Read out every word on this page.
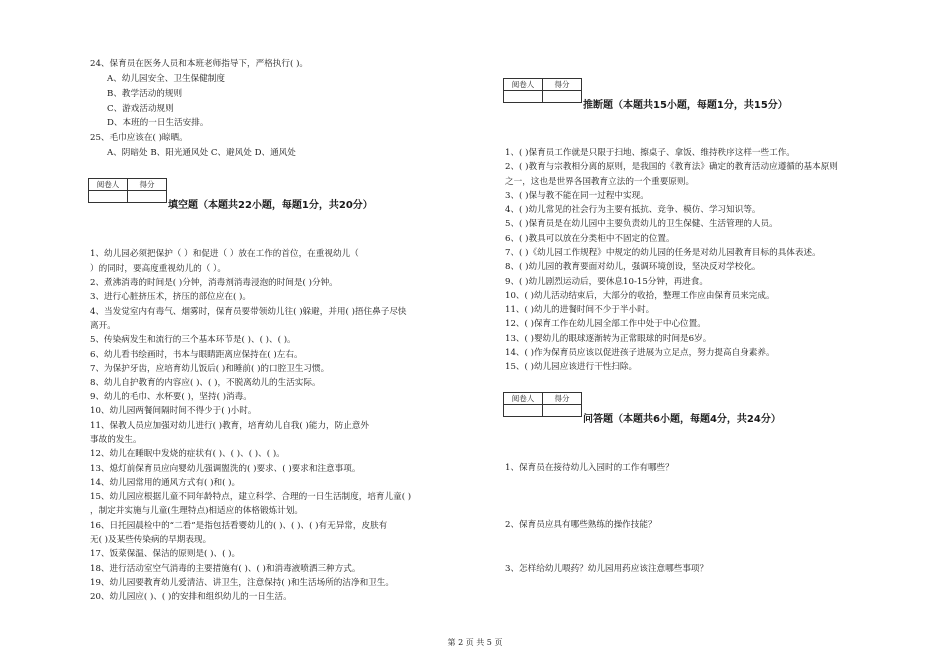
24、保育员在医务人员和本班老师指导下，严格执行( )。
A、幼儿园安全、卫生保健制度
B、教学活动的规则
C、游戏活动规则
D、本班的一日生活安排。
25、毛巾应该在( )晾晒。
A、阴暗处 B、阳光通风处 C、避风处 D、通风处
阅卷人	得分

填空题（本题共22小题，每题1分，共20分）
1、幼儿园必须把保护（ ）和促进（ ）放在工作的首位，在重视幼儿（
）的同时，要高度重视幼儿的（ ）。
2、煮沸消毒的时间是( )分钟，消毒剂消毒浸泡的时间是( )分钟。
3、进行心脏挤压术，挤压的部位应在( )。
4、当发觉室内有毒气、烟雾时，保育员要带领幼儿往( )躲避，并用( )捂住鼻子尽快
离开。
5、传染病发生和流行的三个基本环节是( )、( )、( )。
6、幼儿看书绘画时，书本与眼睛距离应保持在( )左右。
7、为保护牙齿，应培育幼儿饭后( )和睡前( )的口腔卫生习惯。
8、幼儿自护教育的内容应( )、( )，不脱离幼儿的生活实际。
9、幼儿的毛巾、水杯要( )，坚持( )消毒。
10、幼儿园两餐间隔时间不得少于( )小时。
11、保教人员应加强对幼儿进行( )教育，培育幼儿自我( )能力，防止意外
事故的发生。
12、幼儿在睡眠中发烧的症状有( )、( )、( )、( )。
13、熄灯前保育员应向婴幼儿强调盥洗的( )要求、( )要求和注意事项。
14、幼儿园常用的通风方式有( )和( )。
15、幼儿园应根据儿童不同年龄特点，建立科学、合理的一日生活制度，培育儿童( )
，制定并实施与儿童(生理特点)相适应的体格锻炼计划。
16、日托园晨检中的“二看”是指包括看婴幼儿的( )、( )、( )有无异常，皮肤有
无( )及某些传染病的早期表现。
17、饭菜保温、保洁的原则是( )、( )。
18、进行活动室空气消毒的主要措施有( )、( )和消毒液喷洒三种方式。
19、幼儿园要教育幼儿爱清洁、讲卫生，注意保持( )和生活场所的洁净和卫生。
20、幼儿园应( )、( )的安排和组织幼儿的一日生活。
阅卷人	得分

推断题（本题共15小题，每题1分，共15分）
1、( )保育员工作就是只限于扫地、擦桌子、拿饭、维持秩序这样一些工作。
2、( )教育与宗教相分离的原则，是我国的《教育法》确定的教育活动应遵循的基本原则
之一，这也是世界各国教育立法的一个重要原则。
3、( )保与教不能在同一过程中实现。
4、( )幼儿常见的社会行为主要有抵抗、竞争、模仿、学习知识等。
5、( )保育员是在幼儿园中主要负责幼儿的卫生保健、生活管理的人员。
6、( )教具可以放在分类柜中不固定的位置。
7、( )《幼儿园工作规程》中规定的幼儿园的任务是对幼儿园教育目标的具体表述。
8、( )幼儿园的教育要面对幼儿，强调环境创设，坚决反对学校化。
9、( )幼儿剧烈运动后，要休息10-15分钟，再进食。
10、( )幼儿活动结束后，大部分的收拾，整理工作应由保育员来完成。
11、( )幼儿的进餐时间不少于半小时。
12、( )保育工作在幼儿园全部工作中处于中心位置。
13、( )婴幼儿的眼球逐渐转为正常眼球的时间是6岁。
14、( )作为保育员应该以促进孩子进展为立足点，努力提高自身素养。
15、( )幼儿园应该进行干性扫除。
阅卷人	得分

问答题（本题共6小题，每题4分，共24分）
1、保育员在接待幼儿入园时的工作有哪些？
2、保育员应具有哪些熟练的操作技能？
3、怎样给幼儿喂药？幼儿园用药应该注意哪些事项？
第 2 页 共 5 页
